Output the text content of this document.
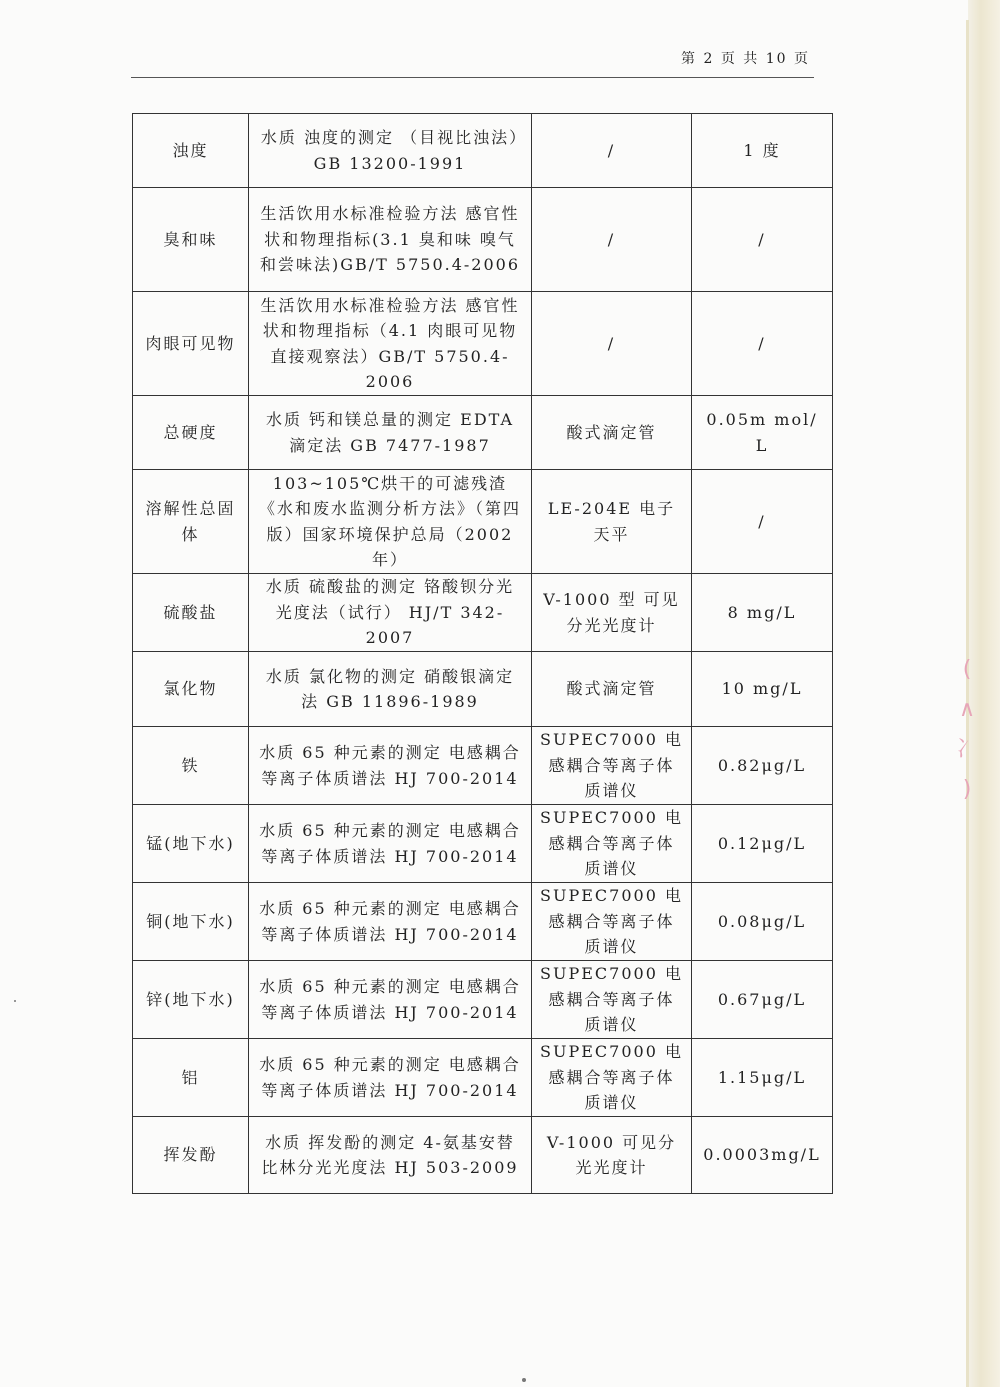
(
∧
冫
)
第 2 页 共 10 页
浊度	水质 浊度的测定 （目视比浊法）GB 13200-1991	/	1 度
臭和味	生活饮用水标准检验方法 感官性状和物理指标(3.1 臭和味 嗅气和尝味法)GB/T 5750.4-2006	/	/
肉眼可见物	生活饮用水标准检验方法 感官性状和物理指标（4.1 肉眼可见物 直接观察法）GB/T 5750.4-2006	/	/
总硬度	水质 钙和镁总量的测定 EDTA 滴定法 GB 7477-1987	酸式滴定管	0.05m mol/ L
溶解性总固体	103~105℃烘干的可滤残渣《水和废水监测分析方法》（第四版）国家环境保护总局（2002 年）	LE-204E 电子天平	/
硫酸盐	水质 硫酸盐的测定 铬酸钡分光光度法（试行） HJ/T 342-2007	V-1000 型 可见分光光度计	8 mg/L
氯化物	水质 氯化物的测定 硝酸银滴定法 GB 11896-1989	酸式滴定管	10 mg/L
铁	水质 65 种元素的测定 电感耦合等离子体质谱法 HJ 700-2014	SUPEC7000 电感耦合等离子体质谱仪	0.82μg/L
锰(地下水)	水质 65 种元素的测定 电感耦合等离子体质谱法 HJ 700-2014	SUPEC7000 电感耦合等离子体质谱仪	0.12μg/L
铜(地下水)	水质 65 种元素的测定 电感耦合等离子体质谱法 HJ 700-2014	SUPEC7000 电感耦合等离子体质谱仪	0.08μg/L
锌(地下水)	水质 65 种元素的测定 电感耦合等离子体质谱法 HJ 700-2014	SUPEC7000 电感耦合等离子体质谱仪	0.67μg/L
铝	水质 65 种元素的测定 电感耦合等离子体质谱法 HJ 700-2014	SUPEC7000 电感耦合等离子体质谱仪	1.15μg/L
挥发酚	水质 挥发酚的测定 4-氨基安替比林分光光度法 HJ 503-2009	V-1000 可见分光光度计	0.0003mg/L
